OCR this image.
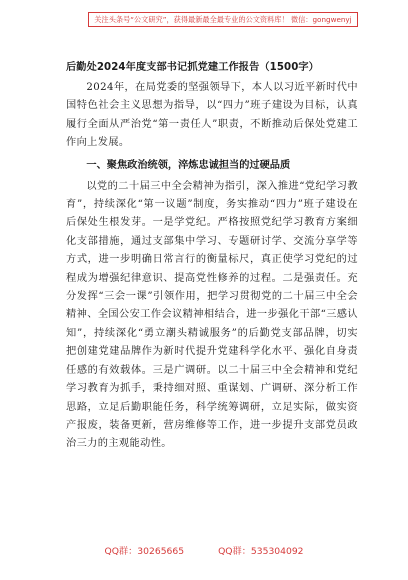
关注头条号“公文研究”，获得最新最全最专业的公文资料库！ 微信：gongwenyj
后勤处2024年度支部书记抓党建工作报告（1500字）

2024年，在局党委的坚强领导下，本人以习近平新时代中国特色社会主义思想为指导，以“四力”班子建设为目标，认真履行全面从严治党“第一责任人”职责，不断推动后保处党建工作向上发展。

一、聚焦政治统领，淬炼忠诚担当的过硬品质

以党的二十届三中全会精神为指引，深入推进“党纪学习教育”，持续深化“第一议题”制度，务实推动“四力”班子建设在后保处生根发芽。一是学党纪。严格按照党纪学习教育方案细化支部措施，通过支部集中学习、专题研讨学、交流分享学等方式，进一步明确日常言行的衡量标尺，真正使学习党纪的过程成为增强纪律意识、提高党性修养的过程。二是强责任。充分发挥“三会一课”引领作用，把学习贯彻党的二十届三中全会精神、全国公安工作会议精神相结合，进一步强化干部“三感认知”，持续深化“勇立潮头精诚服务”的后勤党支部品牌，切实把创建党建品牌作为新时代提升党建科学化水平、强化自身责任感的有效载体。三是广调研。以二十届三中全会精神和党纪学习教育为抓手，秉持细对照、重谋划、广调研、深分析工作思路，立足后勤职能任务，科学统筹调研，立足实际，做实资产报废，装备更新，营房维修等工作，进一步提升支部党员政治三力的主观能动性。

QQ群：30265665	QQ群：535304092
